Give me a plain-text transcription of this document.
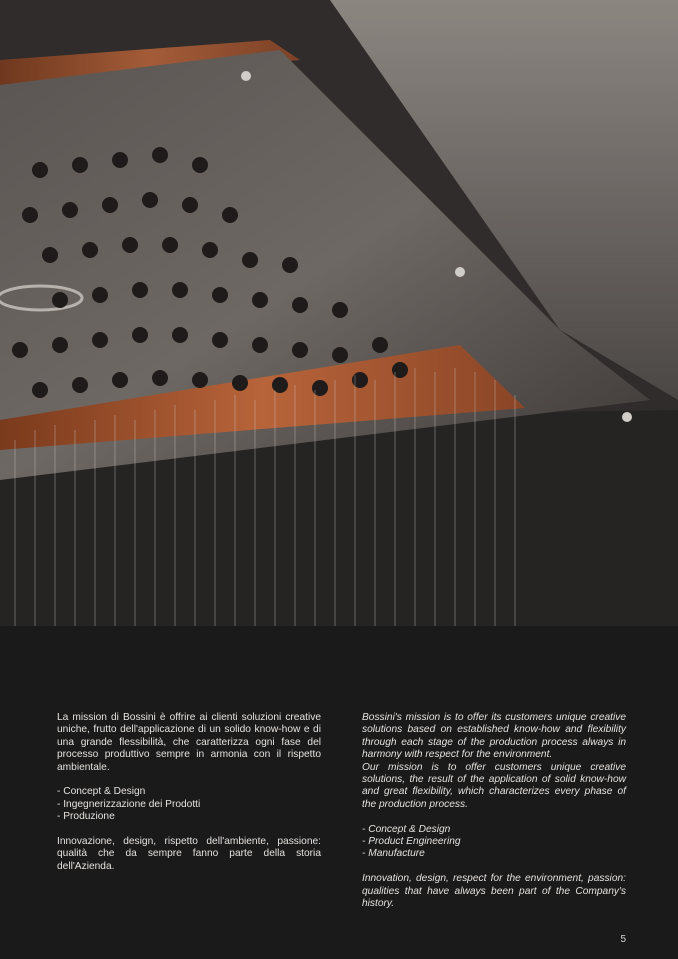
La mission di Bossini è offrire ai clienti soluzioni creative uniche, frutto dell'applicazione di un solido know-how e di una grande flessibilità, che caratterizza ogni fase del processo produttivo sempre in armonia con il rispetto ambientale.

- Concept & Design
- Ingegnerizzazione dei Prodotti
- Produzione

Innovazione, design, rispetto dell'ambiente, passione: qualità che da sempre fanno parte della storia dell'Azienda.

Bossini's mission is to offer its customers unique creative solutions based on established know-how and flexibility through each stage of the production process always in harmony with respect for the environment.

Our mission is to offer customers unique creative solutions, the result of the application of solid know-how and great flexibility, which characterizes every phase of the production process.

- Concept & Design
- Product Engineering
- Manufacture

Innovation, design, respect for the environment, passion: qualities that have always been part of the Company's history.

5
